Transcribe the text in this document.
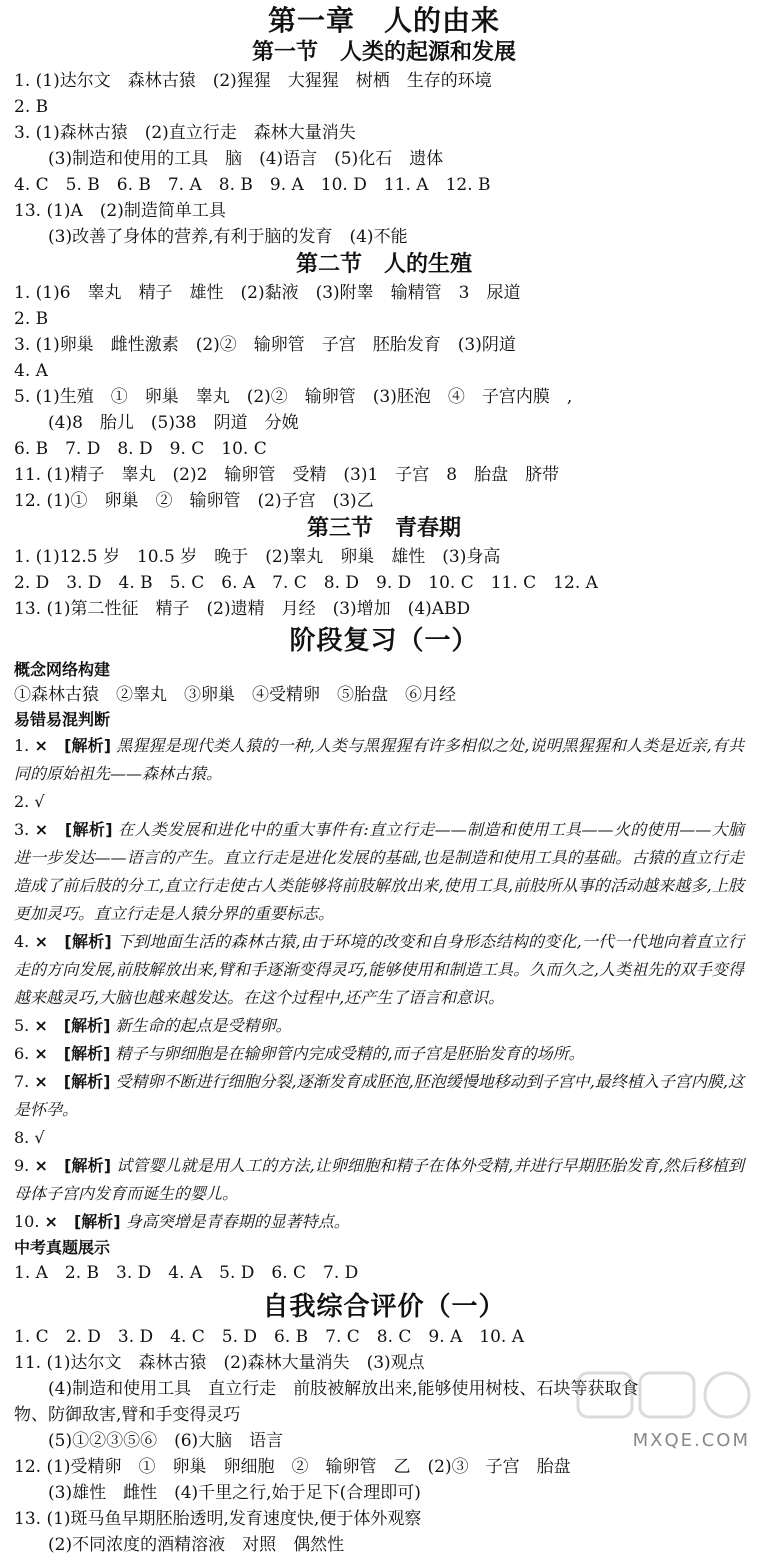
第一章　人的由来
第一节　人类的起源和发展
1. (1)达尔文　森林古猿　(2)猩猩　大猩猩　树栖　生存的环境
2. B
3. (1)森林古猿　(2)直立行走　森林大量消失
(3)制造和使用的工具　脑　(4)语言　(5)化石　遗体
4. C　5. B　6. B　7. A　8. B　9. A　10. D　11. A　12. B
13. (1)A　(2)制造简单工具
(3)改善了身体的营养,有利于脑的发育　(4)不能
第二节　人的生殖
1. (1)6　睾丸　精子　雄性　(2)黏液　(3)附睾　输精管　3　尿道
2. B
3. (1)卵巢　雌性激素　(2)②　输卵管　子宫　胚胎发育　(3)阴道
4. A
5. (1)生殖　①　卵巢　睾丸　(2)②　输卵管　(3)胚泡　④　子宫内膜　,
(4)8　胎儿　(5)38　阴道　分娩
6. B　7. D　8. D　9. C　10. C
11. (1)精子　睾丸　(2)2　输卵管　受精　(3)1　子宫　8　胎盘　脐带
12. (1)①　卵巢　②　输卵管　(2)子宫　(3)乙
第三节　青春期
1. (1)12.5 岁　10.5 岁　晚于　(2)睾丸　卵巢　雄性　(3)身高
2. D　3. D　4. B　5. C　6. A　7. C　8. D　9. D　10. C　11. C　12. A
13. (1)第二性征　精子　(2)遗精　月经　(3)增加　(4)ABD
阶段复习（一）
概念网络构建
①森林古猿　②睾丸　③卵巢　④受精卵　⑤胎盘　⑥月经
易错易混判断
1. ×　[解析] 黑猩猩是现代类人猿的一种,人类与黑猩猩有许多相似之处,说明黑猩猩和人类是近亲,有共同的原始祖先——森林古猿。
2. √
3. ×　[解析] 在人类发展和进化中的重大事件有:直立行走——制造和使用工具——火的使用——大脑进一步发达——语言的产生。直立行走是进化发展的基础,也是制造和使用工具的基础。古猿的直立行走造成了前后肢的分工,直立行走使古人类能够将前肢解放出来,使用工具,前肢所从事的活动越来越多,上肢更加灵巧。直立行走是人猿分界的重要标志。
4. ×　[解析] 下到地面生活的森林古猿,由于环境的改变和自身形态结构的变化,一代一代地向着直立行走的方向发展,前肢解放出来,臂和手逐渐变得灵巧,能够使用和制造工具。久而久之,人类祖先的双手变得越来越灵巧,大脑也越来越发达。在这个过程中,还产生了语言和意识。
5. ×　[解析] 新生命的起点是受精卵。
6. ×　[解析] 精子与卵细胞是在输卵管内完成受精的,而子宫是胚胎发育的场所。
7. ×　[解析] 受精卵不断进行细胞分裂,逐渐发育成胚泡,胚泡缓慢地移动到子宫中,最终植入子宫内膜,这是怀孕。
8. √
9. ×　[解析] 试管婴儿就是用人工的方法,让卵细胞和精子在体外受精,并进行早期胚胎发育,然后移植到母体子宫内发育而诞生的婴儿。
10. ×　[解析] 身高突增是青春期的显著特点。
中考真题展示
1. A　2. B　3. D　4. A　5. D　6. C　7. D
自我综合评价（一）
1. C　2. D　3. D　4. C　5. D　6. B　7. C　8. C　9. A　10. A
11. (1)达尔文　森林古猿　(2)森林大量消失　(3)观点
(4)制造和使用工具　直立行走　前肢被解放出来,能够使用树枝、石块等获取食
物、防御敌害,臂和手变得灵巧
(5)①②③⑤⑥　(6)大脑　语言
12. (1)受精卵　①　卵巢　卵细胞　②　输卵管　乙　(2)③　子宫　胎盘
(3)雄性　雌性　(4)千里之行,始于足下(合理即可)
13. (1)斑马鱼早期胚胎透明,发育速度快,便于体外观察
(2)不同浓度的酒精溶液　对照　偶然性
MXQE.COM
